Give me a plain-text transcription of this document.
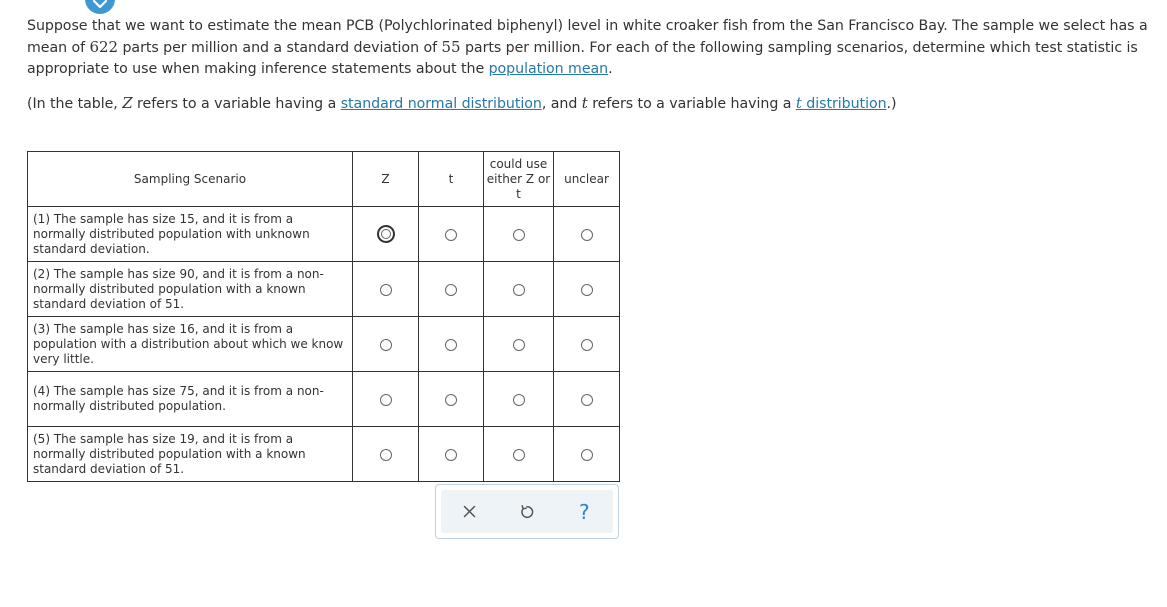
Suppose that we want to estimate the mean PCB (Polychlorinated biphenyl) level in white croaker fish from the San Francisco Bay. The sample we select has a mean of 622 parts per million and a standard deviation of 55 parts per million. For each of the following sampling scenarios, determine which test statistic is appropriate to use when making inference statements about the population mean.

(In the table, Z refers to a variable having a standard normal distribution, and t refers to a variable having a t distribution.)

Sampling Scenario	Z	t	could use either Z or t	unclear
(1) The sample has size 15, and it is from a normally distributed population with unknown standard deviation.				
(2) The sample has size 90, and it is from a non-normally distributed population with a known standard deviation of 51.				
(3) The sample has size 16, and it is from a population with a distribution about which we know very little.				
(4) The sample has size 75, and it is from a non-normally distributed population.				
(5) The sample has size 19, and it is from a normally distributed population with a known standard deviation of 51.				
?
